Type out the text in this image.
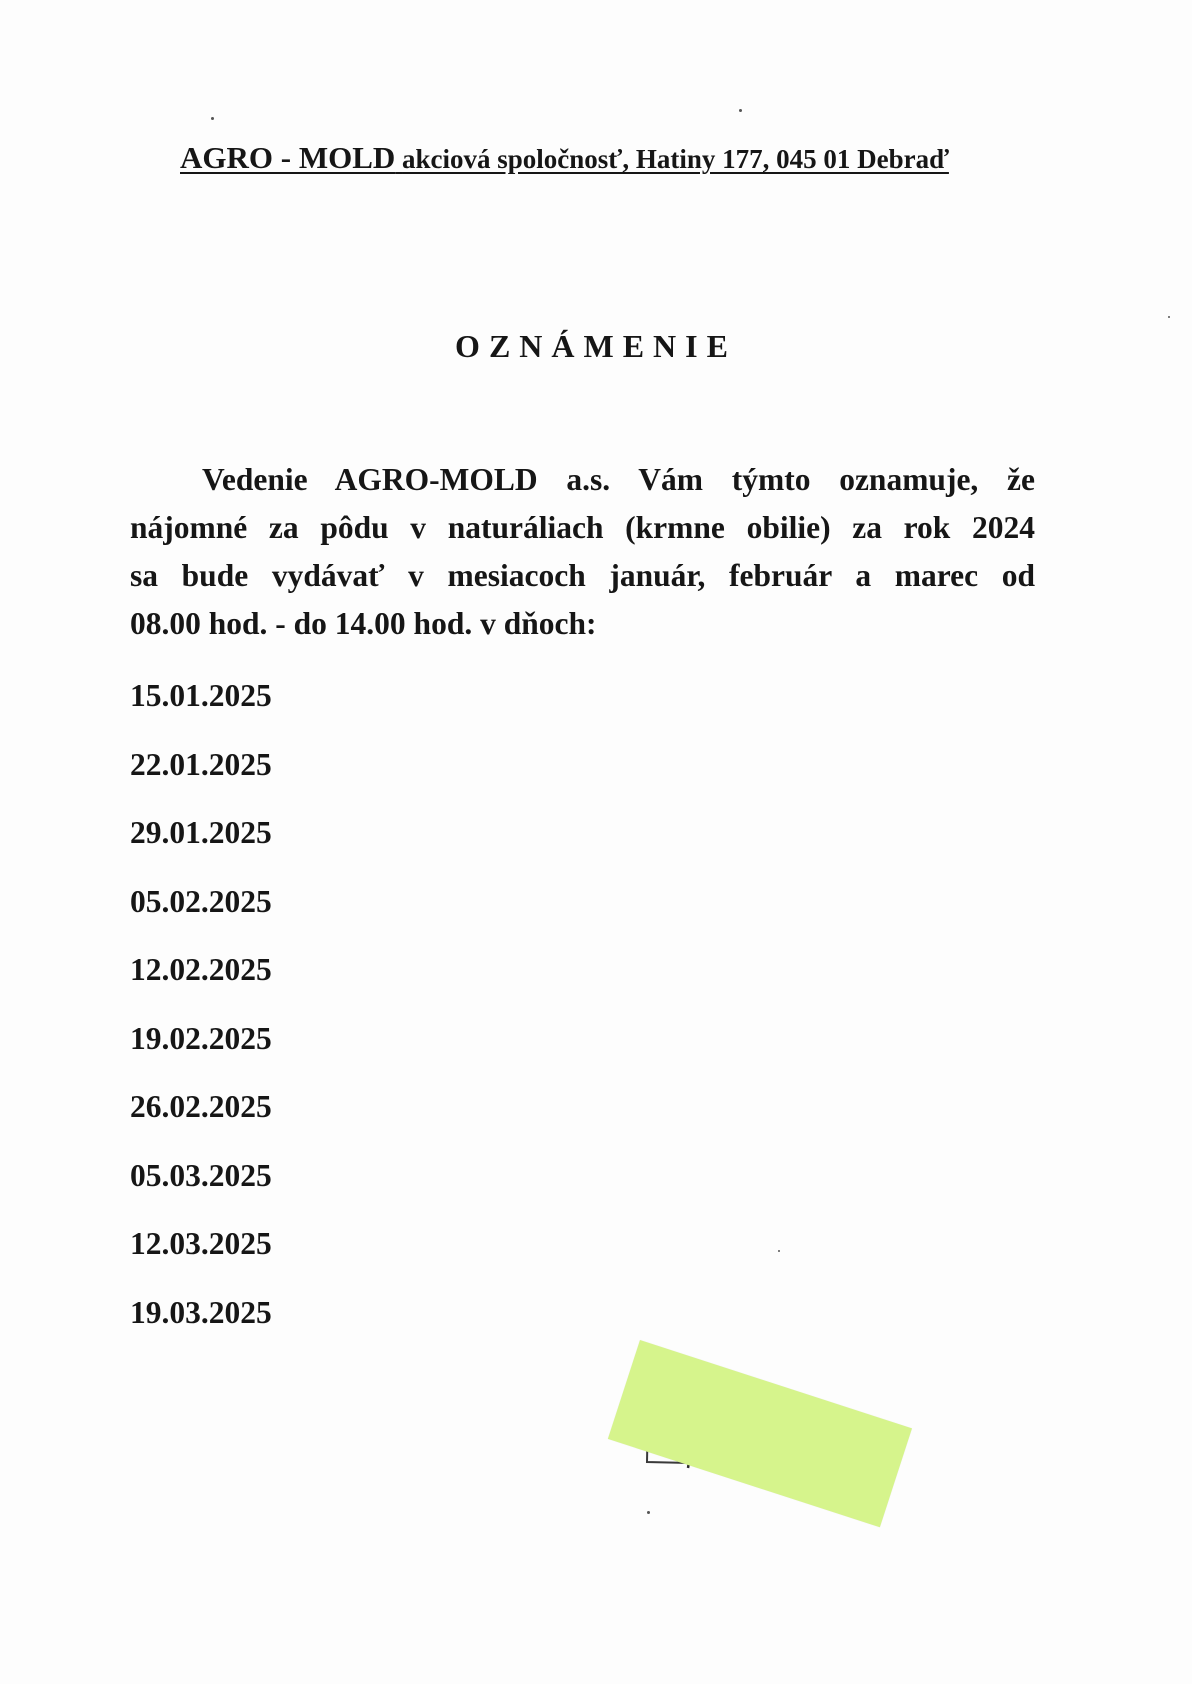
AGRO - MOLD akciová spoločnosť, Hatiny 177, 045 01 Debraď
OZNÁMENIE
Vedenie AGRO-MOLD a.s. Vám týmto oznamuje, že
nájomné za pôdu v naturáliach (krmne obilie) za rok 2024
sa bude vydávať v mesiacoch január, február a marec od
08.00 hod. - do 14.00 hod. v dňoch:
15.01.2025
22.01.2025
29.01.2025
05.02.2025
12.02.2025
19.02.2025
26.02.2025
05.03.2025
12.03.2025
19.03.2025
